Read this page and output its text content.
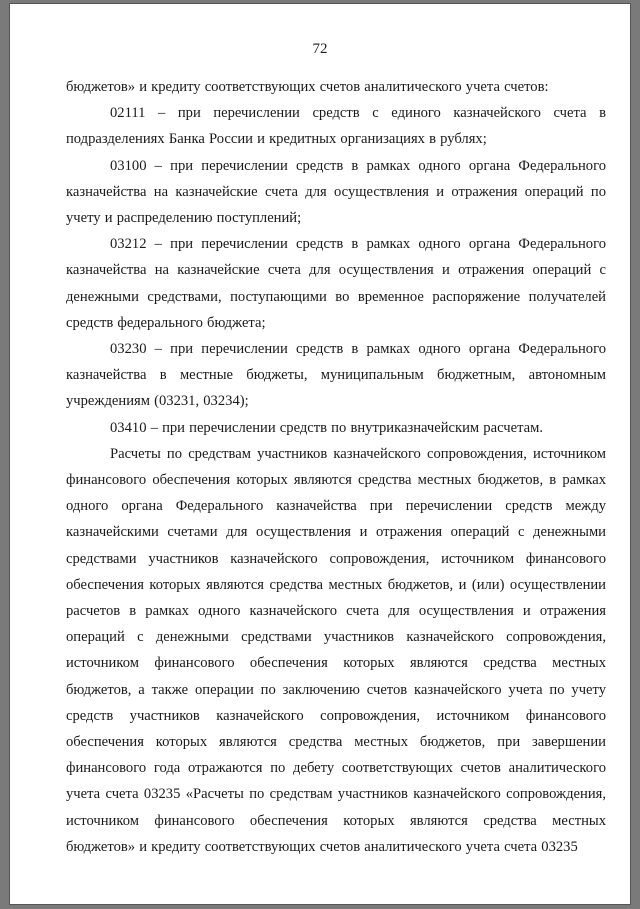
72

бюджетов» и кредиту соответствующих счетов аналитического учета счетов:

02111 – при перечислении средств с единого казначейского счета в подразделениях Банка России и кредитных организациях в рублях;

03100 – при перечислении средств в рамках одного органа Федерального казначейства на казначейские счета для осуществления и отражения операций по учету и распределению поступлений;

03212 – при перечислении средств в рамках одного органа Федерального казначейства на казначейские счета для осуществления и отражения операций с денежными средствами, поступающими во временное распоряжение получателей средств федерального бюджета;

03230 – при перечислении средств в рамках одного органа Федерального казначейства в местные бюджеты, муниципальным бюджетным, автономным учреждениям (03231, 03234);

03410 – при перечислении средств по внутриказначейским расчетам.

Расчеты по средствам участников казначейского сопровождения, источником финансового обеспечения которых являются средства местных бюджетов, в рамках одного органа Федерального казначейства при перечислении средств между казначейскими счетами для осуществления и отражения операций с денежными средствами участников казначейского сопровождения, источником финансового обеспечения которых являются средства местных бюджетов, и (или) осуществлении расчетов в рамках одного казначейского счета для осуществления и отражения операций с денежными средствами участников казначейского сопровождения, источником финансового обеспечения которых являются средства местных бюджетов, а также операции по заключению счетов казначейского учета по учету средств участников казначейского сопровождения, источником финансового обеспечения которых являются средства местных бюджетов, при завершении финансового года отражаются по дебету соответствующих счетов аналитического учета счета 03235 «Расчеты по средствам участников казначейского сопровождения, источником финансового обеспечения которых являются средства местных бюджетов» и кредиту соответствующих счетов аналитического учета счета 03235
